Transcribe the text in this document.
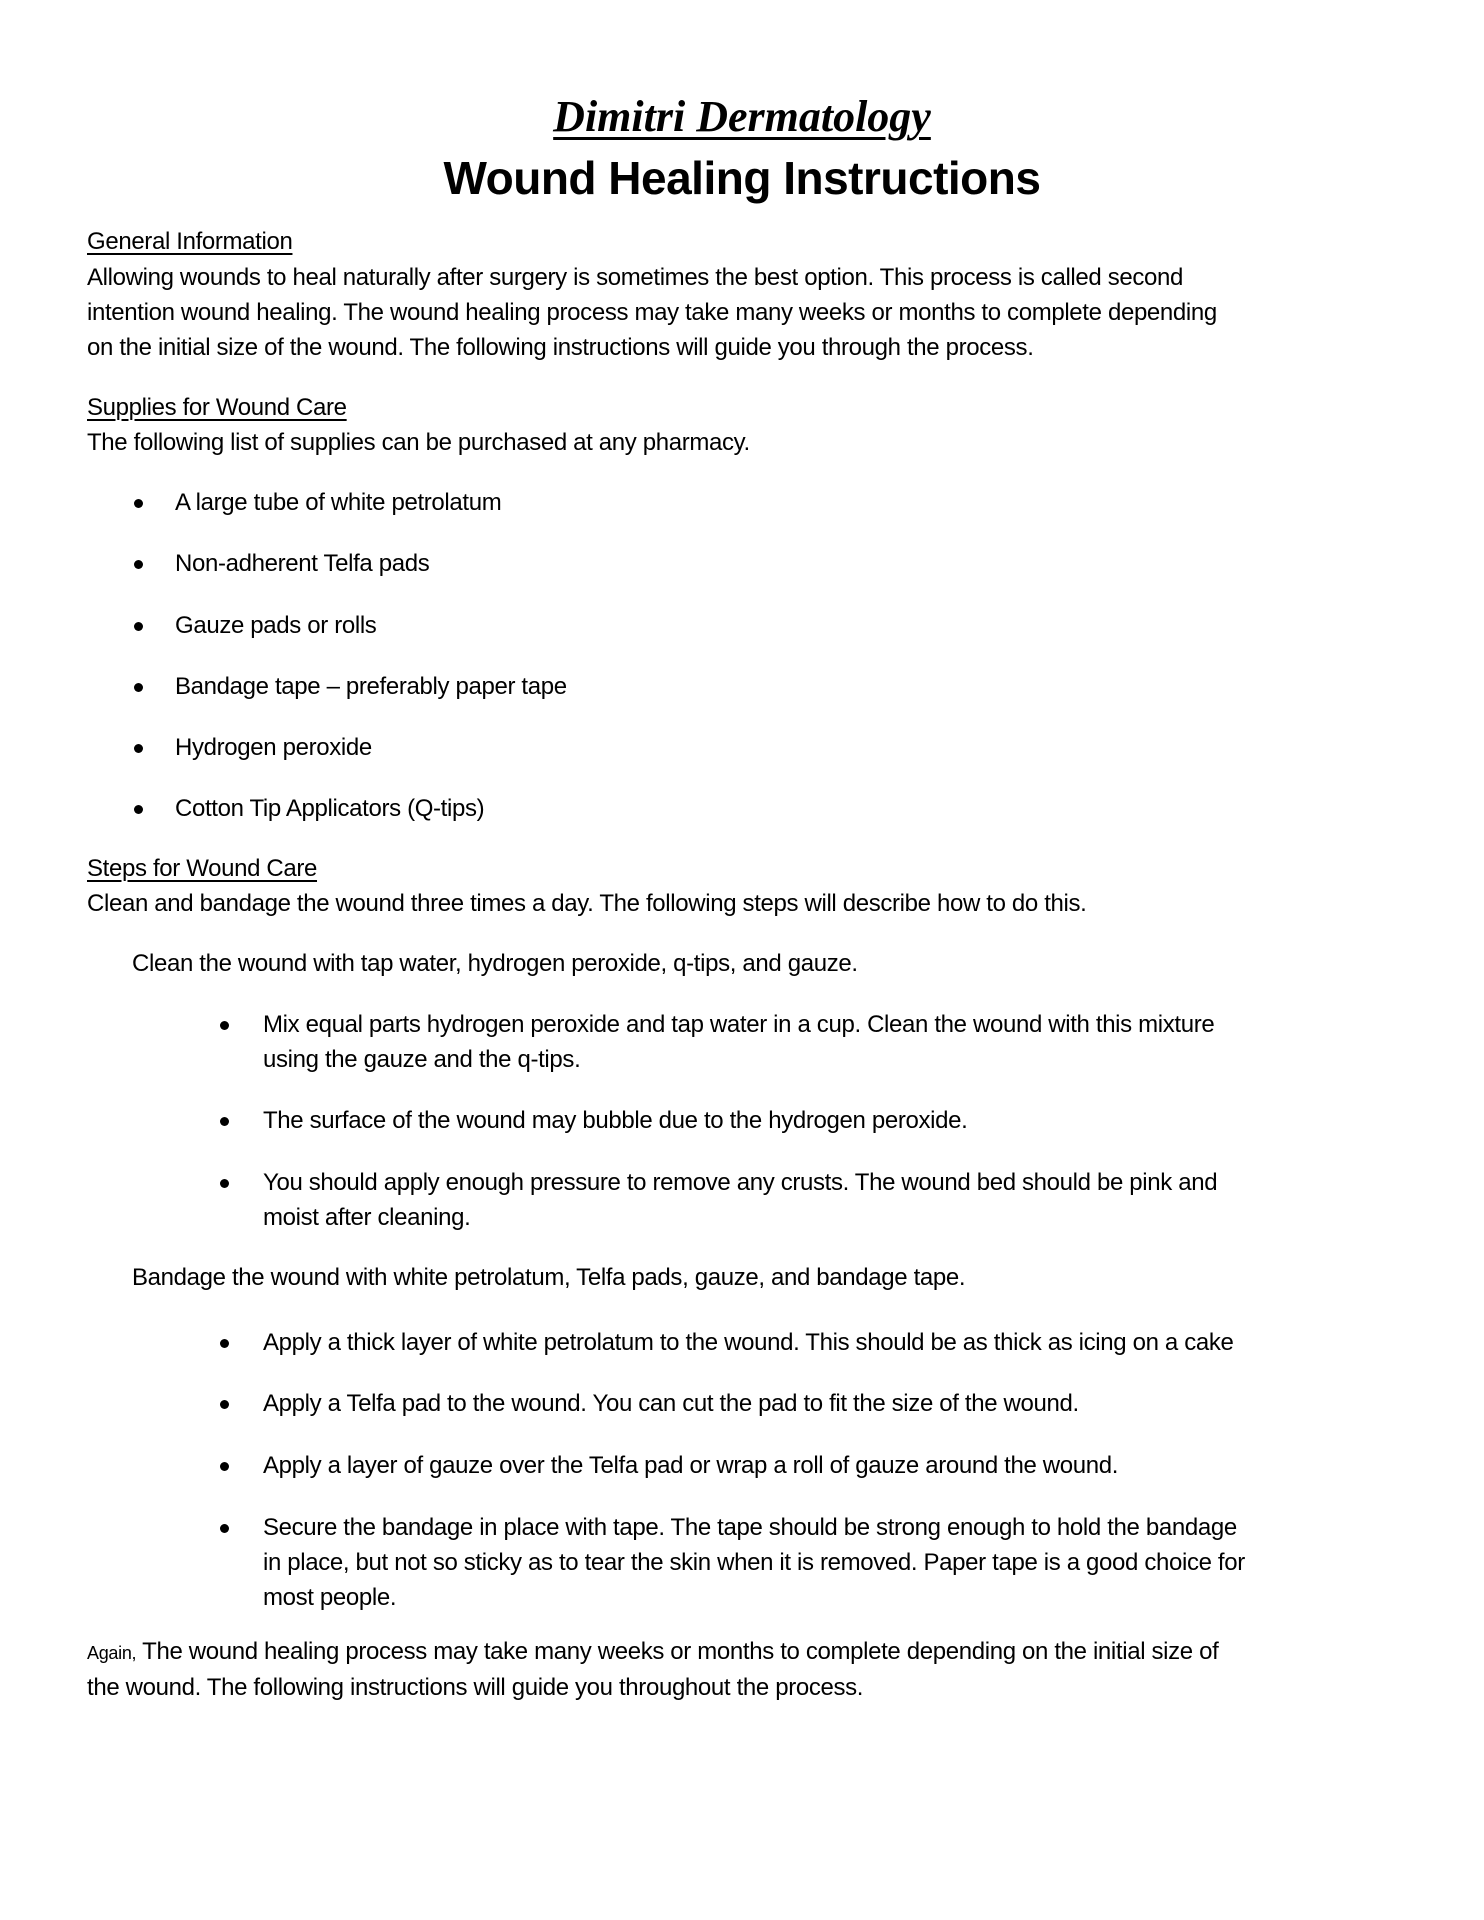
Dimitri Dermatology
Wound Healing Instructions
General Information
Allowing wounds to heal naturally after surgery is sometimes the best option. This process is called second
intention wound healing. The wound healing process may take many weeks or months to complete depending
on the initial size of the wound. The following instructions will guide you through the process.
Supplies for Wound Care
The following list of supplies can be purchased at any pharmacy.
A large tube of white petrolatum
Non-adherent Telfa pads
Gauze pads or rolls
Bandage tape – preferably paper tape
Hydrogen peroxide
Cotton Tip Applicators (Q-tips)
Steps for Wound Care
Clean and bandage the wound three times a day. The following steps will describe how to do this.
Clean the wound with tap water, hydrogen peroxide, q-tips, and gauze.
Mix equal parts hydrogen peroxide and tap water in a cup. Clean the wound with this mixture
using the gauze and the q-tips.
The surface of the wound may bubble due to the hydrogen peroxide.
You should apply enough pressure to remove any crusts. The wound bed should be pink and
moist after cleaning.
Bandage the wound with white petrolatum, Telfa pads, gauze, and bandage tape.
Apply a thick layer of white petrolatum to the wound. This should be as thick as icing on a cake
Apply a Telfa pad to the wound. You can cut the pad to fit the size of the wound.
Apply a layer of gauze over the Telfa pad or wrap a roll of gauze around the wound.
Secure the bandage in place with tape. The tape should be strong enough to hold the bandage
in place, but not so sticky as to tear the skin when it is removed. Paper tape is a good choice for
most people.
Again, The wound healing process may take many weeks or months to complete depending on the initial size of
the wound. The following instructions will guide you throughout the process.
